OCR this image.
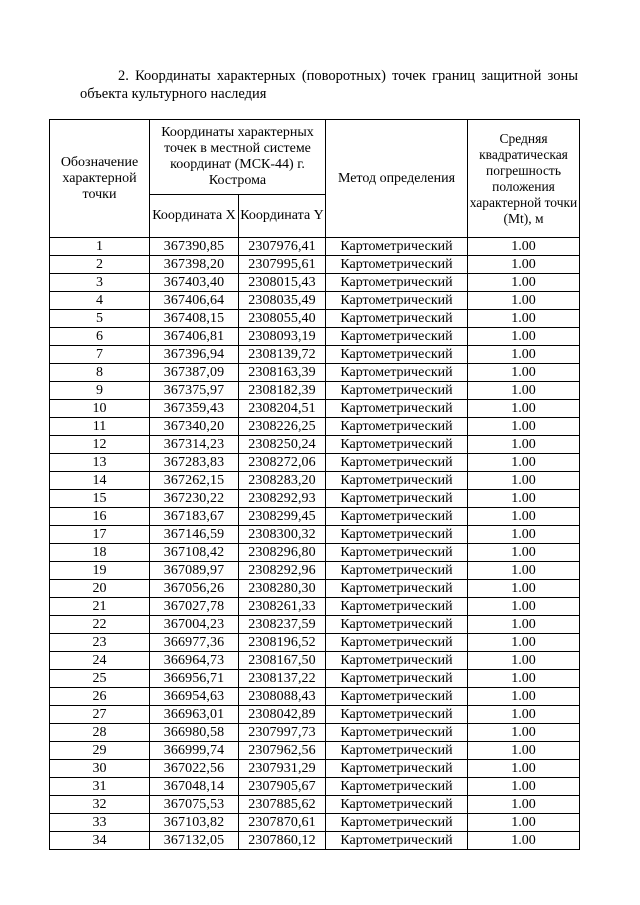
2. Координаты характерных (поворотных) точек границ защитной зоны объекта культурного наследия
Обозначение характерной точки	Координаты характерных точек в местной системе координат (МСК-44) г. Кострома		Метод определения	Средняя квадратическая погрешность положения характерной точки (Mt), м
	Координата X	Координата Y		
1	367390,85	2307976,41	Картометрический	1.00
2	367398,20	2307995,61	Картометрический	1.00
3	367403,40	2308015,43	Картометрический	1.00
4	367406,64	2308035,49	Картометрический	1.00
5	367408,15	2308055,40	Картометрический	1.00
6	367406,81	2308093,19	Картометрический	1.00
7	367396,94	2308139,72	Картометрический	1.00
8	367387,09	2308163,39	Картометрический	1.00
9	367375,97	2308182,39	Картометрический	1.00
10	367359,43	2308204,51	Картометрический	1.00
11	367340,20	2308226,25	Картометрический	1.00
12	367314,23	2308250,24	Картометрический	1.00
13	367283,83	2308272,06	Картометрический	1.00
14	367262,15	2308283,20	Картометрический	1.00
15	367230,22	2308292,93	Картометрический	1.00
16	367183,67	2308299,45	Картометрический	1.00
17	367146,59	2308300,32	Картометрический	1.00
18	367108,42	2308296,80	Картометрический	1.00
19	367089,97	2308292,96	Картометрический	1.00
20	367056,26	2308280,30	Картометрический	1.00
21	367027,78	2308261,33	Картометрический	1.00
22	367004,23	2308237,59	Картометрический	1.00
23	366977,36	2308196,52	Картометрический	1.00
24	366964,73	2308167,50	Картометрический	1.00
25	366956,71	2308137,22	Картометрический	1.00
26	366954,63	2308088,43	Картометрический	1.00
27	366963,01	2308042,89	Картометрический	1.00
28	366980,58	2307997,73	Картометрический	1.00
29	366999,74	2307962,56	Картометрический	1.00
30	367022,56	2307931,29	Картометрический	1.00
31	367048,14	2307905,67	Картометрический	1.00
32	367075,53	2307885,62	Картометрический	1.00
33	367103,82	2307870,61	Картометрический	1.00
34	367132,05	2307860,12	Картометрический	1.00
